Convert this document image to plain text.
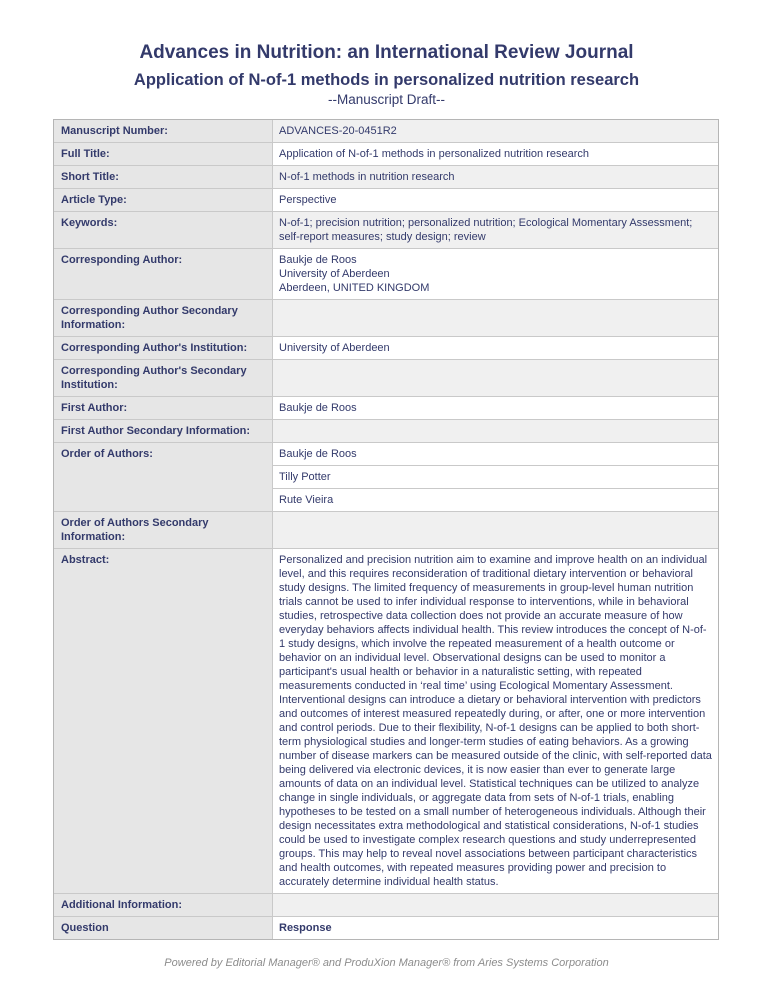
Advances in Nutrition: an International Review Journal
Application of N-of-1 methods in personalized nutrition research
--Manuscript Draft--
Manuscript Number:	ADVANCES-20-0451R2
Full Title:	Application of N-of-1 methods in personalized nutrition research
Short Title:	N-of-1 methods in nutrition research
Article Type:	Perspective
Keywords:	N-of-1; precision nutrition; personalized nutrition; Ecological Momentary Assessment; self-report measures; study design; review
Corresponding Author:	Baukje de Roos
University of Aberdeen
Aberdeen, UNITED KINGDOM
Corresponding Author Secondary Information:
Corresponding Author's Institution:	University of Aberdeen
Corresponding Author's Secondary Institution:
First Author:	Baukje de Roos
First Author Secondary Information:
Order of Authors:	Baukje de Roos
Tilly Potter
Rute Vieira
Order of Authors Secondary Information:
Abstract:	Personalized and precision nutrition aim to examine and improve health on an individual level, and this requires reconsideration of traditional dietary intervention or behavioral study designs. The limited frequency of measurements in group-level human nutrition trials cannot be used to infer individual response to interventions, while in behavioral studies, retrospective data collection does not provide an accurate measure of how everyday behaviors affects individual health. This review introduces the concept of N-of-1 study designs, which involve the repeated measurement of a health outcome or behavior on an individual level. Observational designs can be used to monitor a participant's usual health or behavior in a naturalistic setting, with repeated measurements conducted in ‘real time’ using Ecological Momentary Assessment. Interventional designs can introduce a dietary or behavioral intervention with predictors and outcomes of interest measured repeatedly during, or after, one or more intervention and control periods. Due to their flexibility, N-of-1 designs can be applied to both short-term physiological studies and longer-term studies of eating behaviors. As a growing number of disease markers can be measured outside of the clinic, with self-reported data being delivered via electronic devices, it is now easier than ever to generate large amounts of data on an individual level. Statistical techniques can be utilized to analyze change in single individuals, or aggregate data from sets of N-of-1 trials, enabling hypotheses to be tested on a small number of heterogeneous individuals. Although their design necessitates extra methodological and statistical considerations, N-of-1 studies could be used to investigate complex research questions and study underrepresented groups. This may help to reveal novel associations between participant characteristics and health outcomes, with repeated measures providing power and precision to accurately determine individual health status.
Additional Information:
Question	Response
Powered by Editorial Manager® and ProduXion Manager® from Aries Systems Corporation
